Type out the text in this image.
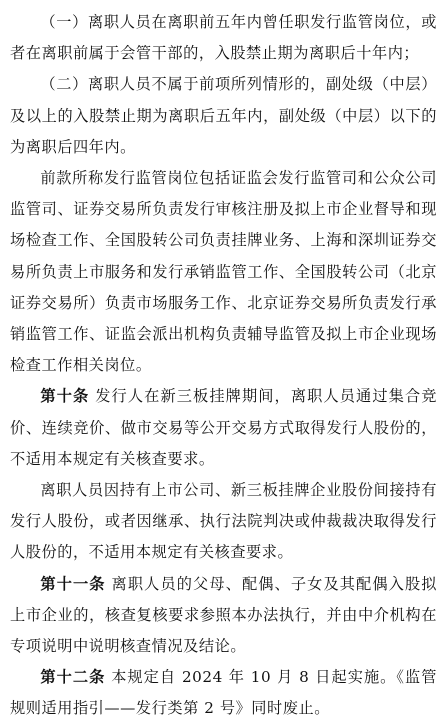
（一）离职人员在离职前五年内曾任职发行监管岗位，或者在离职前属于会管干部的，入股禁止期为离职后十年内；

（二）离职人员不属于前项所列情形的，副处级（中层）及以上的入股禁止期为离职后五年内，副处级（中层）以下的为离职后四年内。

前款所称发行监管岗位包括证监会发行监管司和公众公司监管司、证券交易所负责发行审核注册及拟上市企业督导和现场检查工作、全国股转公司负责挂牌业务、上海和深圳证券交易所负责上市服务和发行承销监管工作、全国股转公司（北京证券交易所）负责市场服务工作、北京证券交易所负责发行承销监管工作、证监会派出机构负责辅导监管及拟上市企业现场检查工作相关岗位。

第十条 发行人在新三板挂牌期间，离职人员通过集合竞价、连续竞价、做市交易等公开交易方式取得发行人股份的，不适用本规定有关核查要求。

离职人员因持有上市公司、新三板挂牌企业股份间接持有发行人股份，或者因继承、执行法院判决或仲裁裁决取得发行人股份的，不适用本规定有关核查要求。

第十一条 离职人员的父母、配偶、子女及其配偶入股拟上市企业的，核查复核要求参照本办法执行，并由中介机构在专项说明中说明核查情况及结论。

第十二条 本规定自 2024 年 10 月 8 日起实施。《监管规则适用指引——发行类第 2 号》同时废止。
